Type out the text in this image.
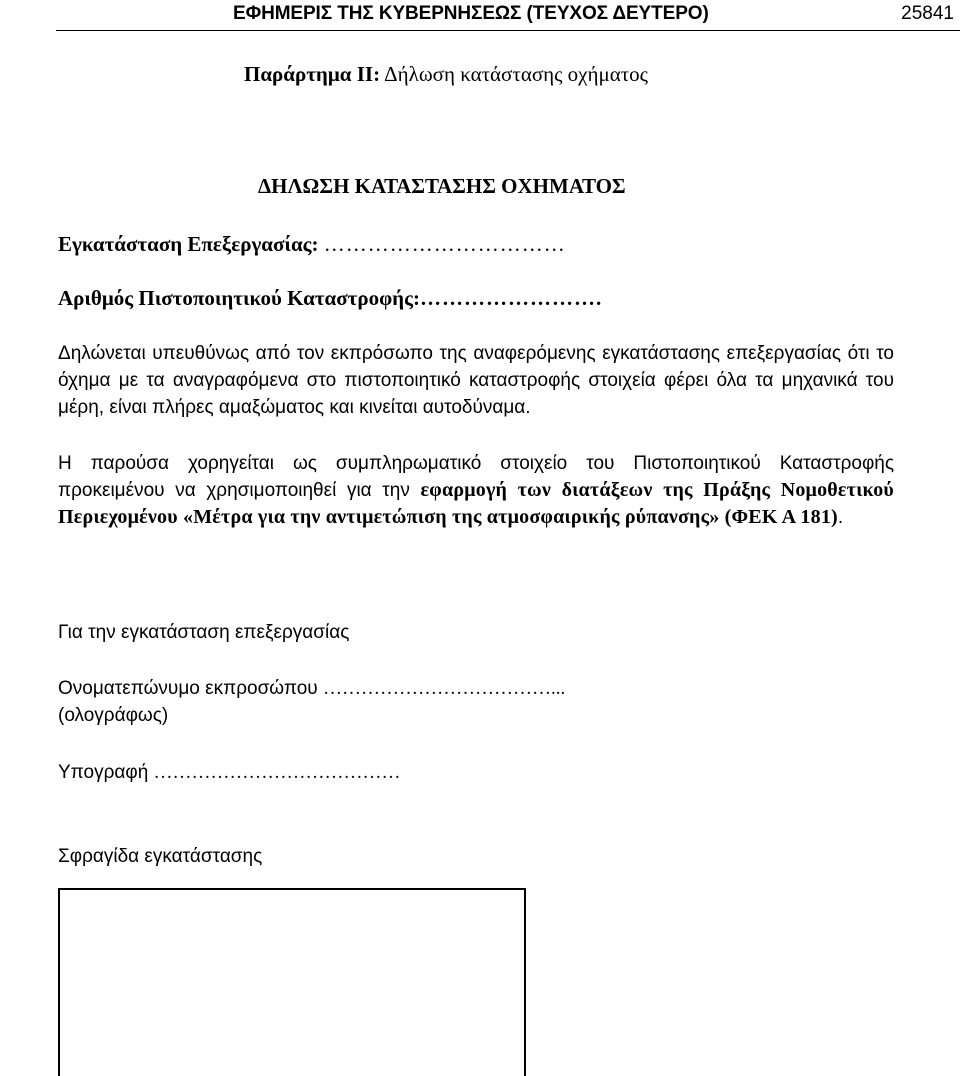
ΕΦΗΜΕΡΙΣ ΤΗΣ ΚΥΒΕΡΝΗΣΕΩΣ (ΤΕΥΧΟΣ ΔΕΥΤΕΡΟ)	25841
Παράρτημα ΙΙ: Δήλωση κατάστασης οχήματος
ΔΗΛΩΣΗ ΚΑΤΑΣΤΑΣΗΣ ΟΧΗΜΑΤΟΣ
Εγκατάσταση Επεξεργασίας: ……………………………
Αριθμός Πιστοποιητικού Καταστροφής:…………………….
Δηλώνεται υπευθύνως από τον εκπρόσωπο της αναφερόμενης εγκατάστασης επεξεργασίας ότι το όχημα με τα αναγραφόμενα στο πιστοποιητικό καταστροφής στοιχεία φέρει όλα τα μηχανικά του μέρη, είναι πλήρες αμαξώματος και κινείται αυτοδύναμα.
Η παρούσα χορηγείται ως συμπληρωματικό στοιχείο του Πιστοποιητικού Καταστροφής προκειμένου να χρησιμοποιηθεί για την εφαρμογή των διατάξεων της Πράξης Νομοθετικού Περιεχομένου «Μέτρα για την αντιμετώπιση της ατμοσφαιρικής ρύπανσης» (ΦΕΚ Α 181).
Για την εγκατάσταση επεξεργασίας
Ονοματεπώνυμο εκπροσώπου ………………………………...
(ολογράφως)
Υπογραφή …………………………………
Σφραγίδα εγκατάστασης
